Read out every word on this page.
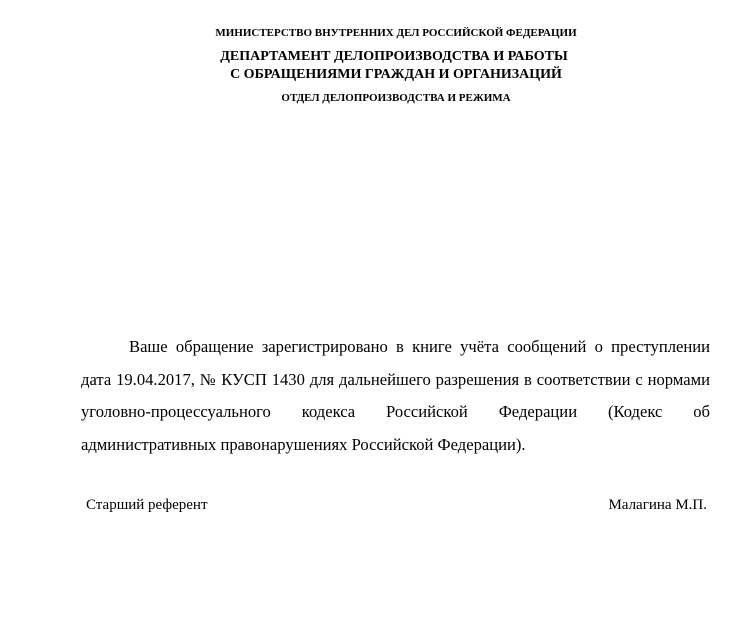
МИНИСТЕРСТВО ВНУТРЕННИХ ДЕЛ РОССИЙСКОЙ ФЕДЕРАЦИИ
ДЕПАРТАМЕНТ ДЕЛОПРОИЗВОДСТВА И РАБОТЫ
С ОБРАЩЕНИЯМИ ГРАЖДАН И ОРГАНИЗАЦИЙ
ОТДЕЛ ДЕЛОПРОИЗВОДСТВА И РЕЖИМА

Ваше обращение зарегистрировано в книге учёта сообщений о преступлении дата 19.04.2017, № КУСП 1430 для дальнейшего разрешения в соответствии с нормами уголовно-процессуального кодекса Российской Федерации (Кодекс об административных правонарушениях Российской Федерации).

Старший референт	Малагина М.П.
